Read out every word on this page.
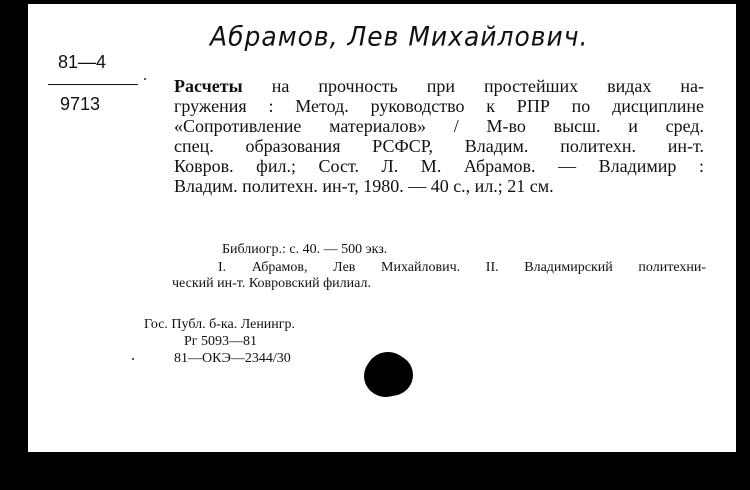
Абрамов, Лев Михайлович.
81—4
9713
Расчеты на прочность при простейших видах на-
гружения : Метод. руководство к РПР по дисциплине
«Сопротивление материалов» / М-во высш. и сред.
спец. образования РСФСР, Владим. политехн. ин-т.
Ковров. фил.; Сост. Л. М. Абрамов. — Владимир :
Владим. политехн. ин-т, 1980. — 40 с., ил.; 21 см.
Библиогр.: с. 40. — 500 экз.
I. Абрамов, Лев Михайлович. II. Владимирский политехни-
ческий ин-т. Ковровский филиал.
Гос. Публ. б-ка. Ленингр.
Рг 5093—81
81—ОКЭ—2344/30
